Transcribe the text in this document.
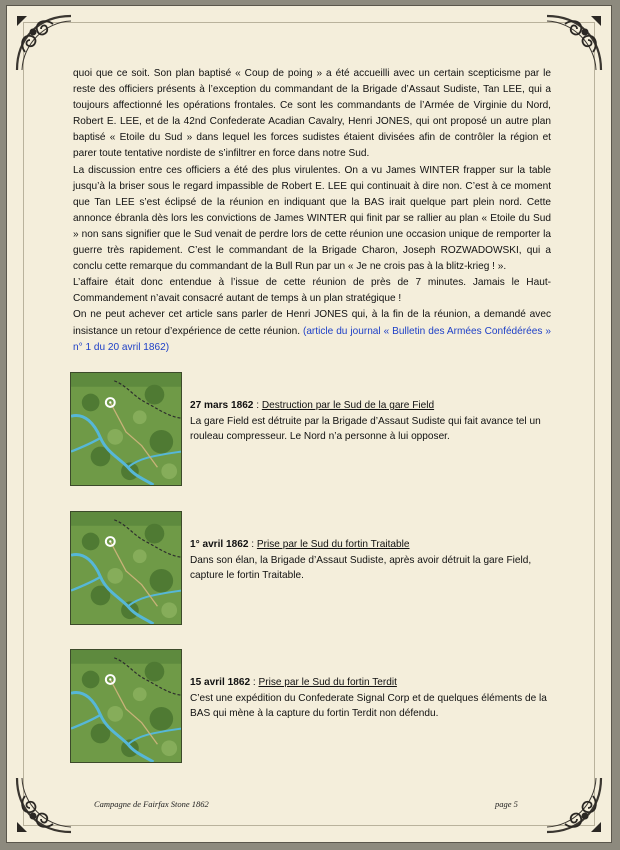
quoi que ce soit. Son plan baptisé « Coup de poing » a été accueilli avec un certain scepticisme par le reste des officiers présents à l’exception du commandant de la Brigade d’Assaut Sudiste, Tan LEE, qui a toujours affectionné les opérations frontales. Ce sont les commandants de l’Armée de Virginie du Nord, Robert E. LEE, et de la 42nd Confederate Acadian Cavalry, Henri JONES, qui ont proposé un autre plan baptisé « Etoile du Sud » dans lequel les forces sudistes étaient divisées afin de contrôler la région et parer toute tentative nordiste de s’infiltrer en force dans notre Sud.

La discussion entre ces officiers a été des plus virulentes. On a vu James WINTER frapper sur la table jusqu’à la briser sous le regard impassible de Robert E. LEE qui continuait à dire non. C’est à ce moment que Tan LEE s’est éclipsé de la réunion en indiquant que la BAS irait quelque part plein nord. Cette annonce ébranla dès lors les convictions de James WINTER qui finit par se rallier au plan « Etoile du Sud » non sans signifier que le Sud venait de perdre lors de cette réunion une occasion unique de remporter la guerre très rapidement. C’est le commandant de la Brigade Charon, Joseph ROZWADOWSKI, qui a conclu cette remarque du commandant de la Bull Run par un « Je ne crois pas à la blitz-krieg ! ».

L’affaire était donc entendue à l’issue de cette réunion de près de 7 minutes. Jamais le Haut-Commandement n’avait consacré autant de temps à un plan stratégique !

On ne peut achever cet article sans parler de Henri JONES qui, à la fin de la réunion, a demandé avec insistance un retour d’expérience de cette réunion. (article du journal « Bulletin des Armées Confédérées » n° 1 du 20 avril 1862)

27 mars 1862 : Destruction par le Sud de la gare Field
La gare Field est détruite par la Brigade d’Assaut Sudiste qui fait avance tel un rouleau compresseur. Le Nord n’a personne à lui opposer.
1° avril 1862 : Prise par le Sud du fortin Traitable
Dans son élan, la Brigade d’Assaut Sudiste, après avoir détruit la gare Field, capture le fortin Traitable.
15 avril 1862 : Prise par le Sud du fortin Terdit
C’est une expédition du Confederate Signal Corp et de quelques éléments de la BAS qui mène à la capture du fortin Terdit non défendu.
Campagne de Fairfax Stone 1862	page 5
